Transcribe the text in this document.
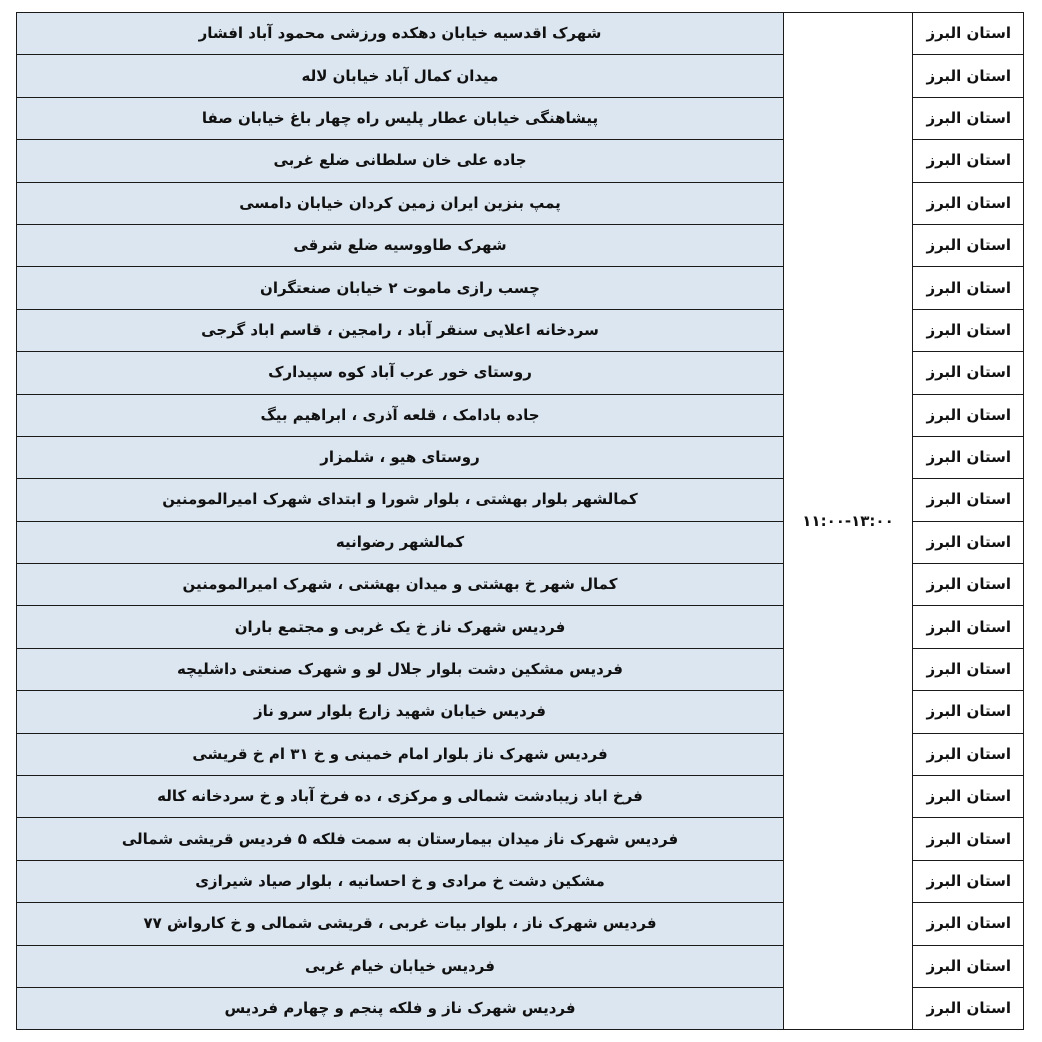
استان البرز	۱۱:۰۰-۱۳:۰۰	شهرک اقدسیه خیابان دهکده ورزشی محمود آباد افشار
استان البرز		میدان کمال آباد خیابان لاله
استان البرز		پیشاهنگی خیابان عطار پلیس راه چهار باغ خیابان صفا
استان البرز		جاده علی خان سلطانی ضلع غربی
استان البرز		پمپ بنزین ایران زمین کردان خیابان دامسی
استان البرز		شهرک طاووسیه ضلع شرقی
استان البرز		چسب رازی ماموت ۲ خیابان صنعتگران
استان البرز		سردخانه اعلایی سنقر آباد ، رامجین ، قاسم اباد گرجی
استان البرز		روستای خور عرب آباد کوه سپیدارک
استان البرز		جاده بادامک ، قلعه آذری ، ابراهیم بیگ
استان البرز		روستای هیو ، شلمزار
استان البرز		کمالشهر بلوار بهشتی ، بلوار شورا و ابتدای شهرک امیرالمومنین
استان البرز		کمالشهر رضوانیه
استان البرز		کمال شهر خ بهشتی و میدان بهشتی ، شهرک امیرالمومنین
استان البرز		فردیس شهرک ناز خ یک غربی و مجتمع باران
استان البرز		فردیس مشکین دشت بلوار جلال لو و شهرک صنعتی داشلیچه
استان البرز		فردیس خیابان شهید زارع بلوار سرو ناز
استان البرز		فردیس شهرک ناز بلوار امام خمینی و خ ۳۱ ام خ قریشی
استان البرز		فرخ اباد زیبادشت شمالی و مرکزی ، ده فرخ آباد و خ سردخانه کاله
استان البرز		فردیس شهرک ناز میدان بیمارستان به سمت فلکه ۵ فردیس قریشی شمالی
استان البرز		مشکین دشت خ مرادی و خ احسانیه ، بلوار صیاد شیرازی
استان البرز		فردیس شهرک ناز ، بلوار بیات غربی ، قریشی شمالی و خ کارواش ۷۷
استان البرز		فردیس خیابان خیام غربی
استان البرز		فردیس شهرک ناز و فلکه پنجم و چهارم فردیس
